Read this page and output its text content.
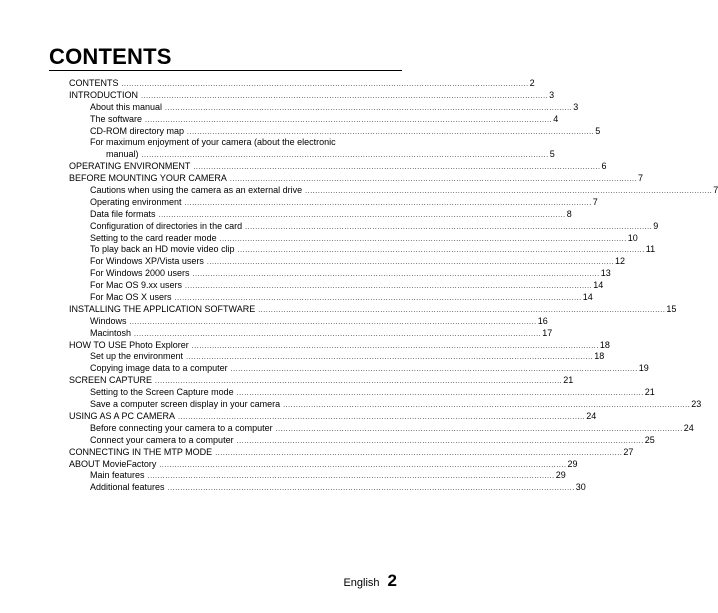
CONTENTS
CONTENTS ................................................................................................................................................................ 2
INTRODUCTION ................................................................................................................................................................ 3
About this manual ................................................................................................................................................................ 3
The software ................................................................................................................................................................ 4
CD-ROM directory map ................................................................................................................................................................ 5
For maximum enjoyment of your camera (about the electronic
manual) ................................................................................................................................................................ 5
OPERATING ENVIRONMENT ................................................................................................................................................................ 6
BEFORE MOUNTING YOUR CAMERA ................................................................................................................................................................ 7
Cautions when using the camera as an external drive ................................................................................................................................................................ 7
Operating environment ................................................................................................................................................................ 7
Data file formats ................................................................................................................................................................ 8
Configuration of directories in the card ................................................................................................................................................................ 9
Setting to the card reader mode ................................................................................................................................................................ 10
To play back an HD movie video clip ................................................................................................................................................................ 11
For Windows XP/Vista users ................................................................................................................................................................ 12
For Windows 2000 users ................................................................................................................................................................ 13
For Mac OS 9.xx users ................................................................................................................................................................ 14
For Mac OS X users ................................................................................................................................................................ 14
INSTALLING THE APPLICATION SOFTWARE ................................................................................................................................................................ 15
Windows ................................................................................................................................................................ 16
Macintosh ................................................................................................................................................................ 17
HOW TO USE Photo Explorer ................................................................................................................................................................ 18
Set up the environment ................................................................................................................................................................ 18
Copying image data to a computer ................................................................................................................................................................ 19
SCREEN CAPTURE ................................................................................................................................................................ 21
Setting to the Screen Capture mode ................................................................................................................................................................ 21
Save a computer screen display in your camera ................................................................................................................................................................ 23
USING AS A PC CAMERA ................................................................................................................................................................ 24
Before connecting your camera to a computer ................................................................................................................................................................ 24
Connect your camera to a computer ................................................................................................................................................................ 25
CONNECTING IN THE MTP MODE ................................................................................................................................................................ 27
ABOUT MovieFactory ................................................................................................................................................................ 29
Main features ................................................................................................................................................................ 29
Additional features ................................................................................................................................................................ 30
English 2
